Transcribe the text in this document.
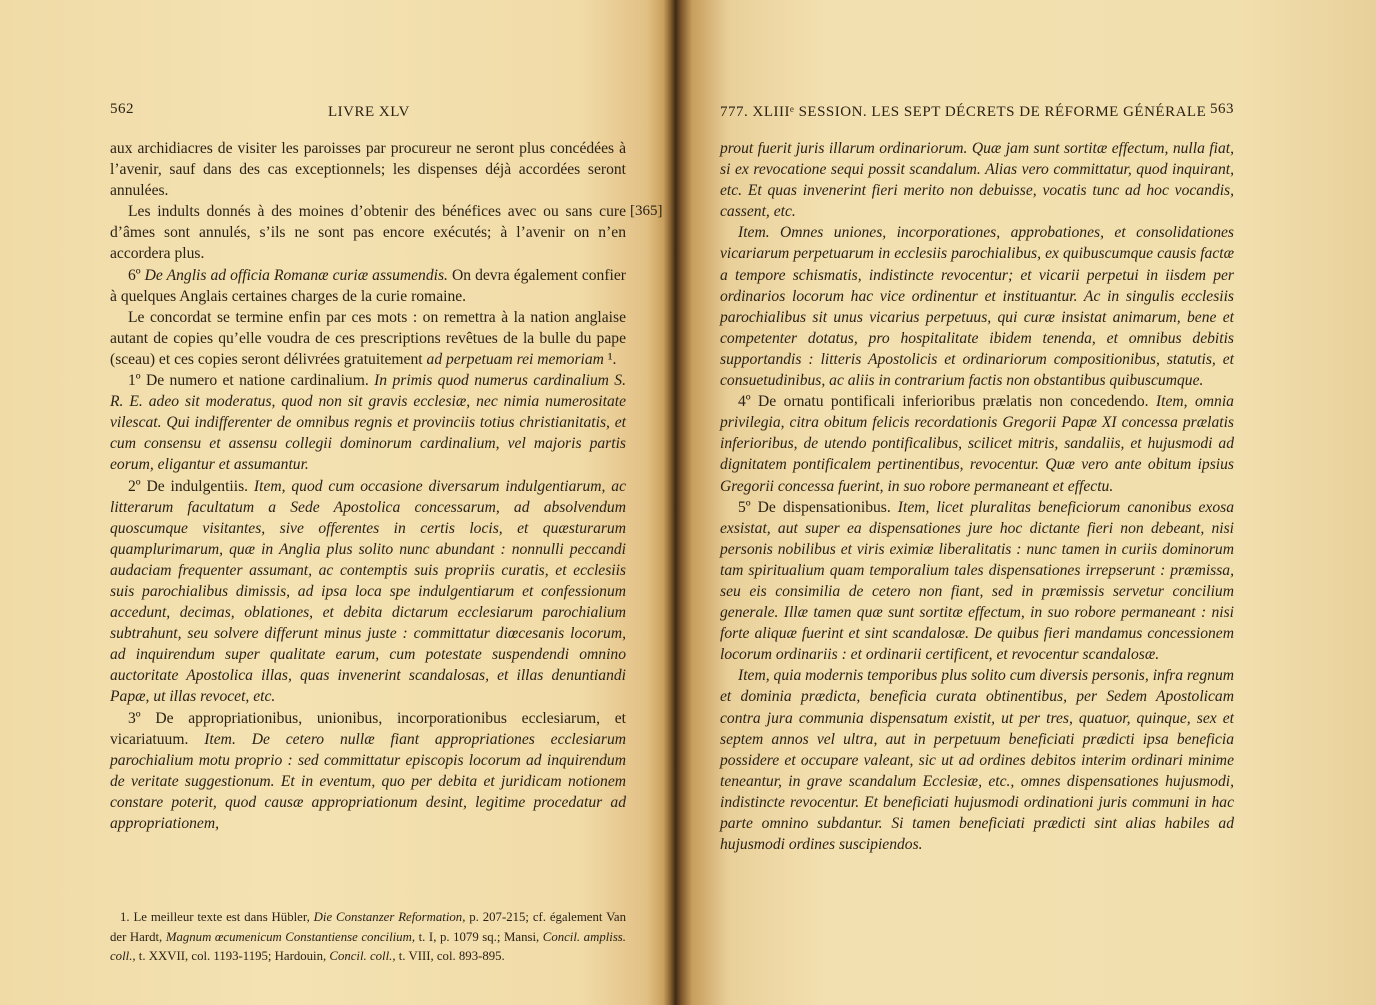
562	LIVRE XLV
[365]

aux archidiacres de visiter les paroisses par procureur ne seront plus concédées à l’avenir, sauf dans des cas exceptionnels; les dispenses déjà accordées seront annulées.

Les indults donnés à des moines d’obtenir des bénéfices avec ou sans cure d’âmes sont annulés, s’ils ne sont pas encore exécutés; à l’avenir on n’en accordera plus.

6º De Anglis ad officia Romanæ curiæ assumendis. On devra également confier à quelques Anglais certaines charges de la curie romaine.

Le concordat se termine enfin par ces mots : on remettra à la nation anglaise autant de copies qu’elle voudra de ces prescriptions revêtues de la bulle du pape (sceau) et ces copies seront délivrées gratuitement ad perpetuam rei memoriam ¹.

1º De numero et natione cardinalium. In primis quod numerus cardinalium S. R. E. adeo sit moderatus, quod non sit gravis ecclesiæ, nec nimia numerositate vilescat. Qui indifferenter de omnibus regnis et provinciis totius christianitatis, et cum consensu et assensu collegii dominorum cardinalium, vel majoris partis eorum, eligantur et assumantur.

2º De indulgentiis. Item, quod cum occasione diversarum indulgentiarum, ac litterarum facultatum a Sede Apostolica concessarum, ad absolvendum quoscumque visitantes, sive offerentes in certis locis, et quæsturarum quamplurimarum, quæ in Anglia plus solito nunc abundant : nonnulli peccandi audaciam frequenter assumant, ac contemptis suis propriis curatis, et ecclesiis suis parochialibus dimissis, ad ipsa loca spe indulgentiarum et confessionum accedunt, decimas, oblationes, et debita dictarum ecclesiarum parochialium subtrahunt, seu solvere differunt minus juste : committatur diœcesanis locorum, ad inquirendum super qualitate earum, cum potestate suspendendi omnino auctoritate Apostolica illas, quas invenerint scandalosas, et illas denuntiandi Papæ, ut illas revocet, etc.

3º De appropriationibus, unionibus, incorporationibus ecclesiarum, et vicariatuum. Item. De cetero nullæ fiant appropriationes ecclesiarum parochialium motu proprio : sed committatur episcopis locorum ad inquirendum de veritate suggestionum. Et in eventum, quo per debita et juridicam notionem constare poterit, quod causæ appropriationum desint, legitime procedatur ad appropriationem,

1. Le meilleur texte est dans Hübler, Die Constanzer Reformation, p. 207-215; cf. également Van der Hardt, Magnum œcumenicum Constantiense concilium, t. I, p. 1079 sq.; Mansi, Concil. ampliss. coll., t. XXVII, col. 1193-1195; Hardouin, Concil. coll., t. VIII, col. 893-895.

777. XLIIIᵉ SESSION. LES SEPT DÉCRETS DE RÉFORME GÉNÉRALE 563

prout fuerit juris illarum ordinariorum. Quæ jam sunt sortitæ effectum, nulla fiat, si ex revocatione sequi possit scandalum. Alias vero committatur, quod inquirant, etc. Et quas invenerint fieri merito non debuisse, vocatis tunc ad hoc vocandis, cassent, etc.

Item. Omnes uniones, incorporationes, approbationes, et consolidationes vicariarum perpetuarum in ecclesiis parochialibus, ex quibuscumque causis factæ a tempore schismatis, indistincte revocentur; et vicarii perpetui in iisdem per ordinarios locorum hac vice ordinentur et instituantur. Ac in singulis ecclesiis parochialibus sit unus vicarius perpetuus, qui curæ insistat animarum, bene et competenter dotatus, pro hospitalitate ibidem tenenda, et omnibus debitis supportandis : litteris Apostolicis et ordinariorum compositionibus, statutis, et consuetudinibus, ac aliis in contrarium factis non obstantibus quibuscumque.

4º De ornatu pontificali inferioribus prælatis non concedendo. Item, omnia privilegia, citra obitum felicis recordationis Gregorii Papæ XI concessa prælatis inferioribus, de utendo pontificalibus, scilicet mitris, sandaliis, et hujusmodi ad dignitatem pontificalem pertinentibus, revocentur. Quæ vero ante obitum ipsius Gregorii concessa fuerint, in suo robore permaneant et effectu.

5º De dispensationibus. Item, licet pluralitas beneficiorum canonibus exosa exsistat, aut super ea dispensationes jure hoc dictante fieri non debeant, nisi personis nobilibus et viris eximiæ liberalitatis : nunc tamen in curiis dominorum tam spiritualium quam temporalium tales dispensationes irrepserunt : præmissa, seu eis consimilia de cetero non fiant, sed in præmissis servetur concilium generale. Illæ tamen quæ sunt sortitæ effectum, in suo robore permaneant : nisi forte aliquæ fuerint et sint scandalosæ. De quibus fieri mandamus concessionem locorum ordinariis : et ordinarii certificent, et revocentur scandalosæ.

Item, quia modernis temporibus plus solito cum diversis personis, infra regnum et dominia prædicta, beneficia curata obtinentibus, per Sedem Apostolicam contra jura communia dispensatum existit, ut per tres, quatuor, quinque, sex et septem annos vel ultra, aut in perpetuum beneficiati prædicti ipsa beneficia possidere et occupare valeant, sic ut ad ordines debitos interim ordinari minime teneantur, in grave scandalum Ecclesiæ, etc., omnes dispensationes hujusmodi, indistincte revocentur. Et beneficiati hujusmodi ordinationi juris communi in hac parte omnino subdantur. Si tamen beneficiati prædicti sint alias habiles ad hujusmodi ordines suscipiendos.
